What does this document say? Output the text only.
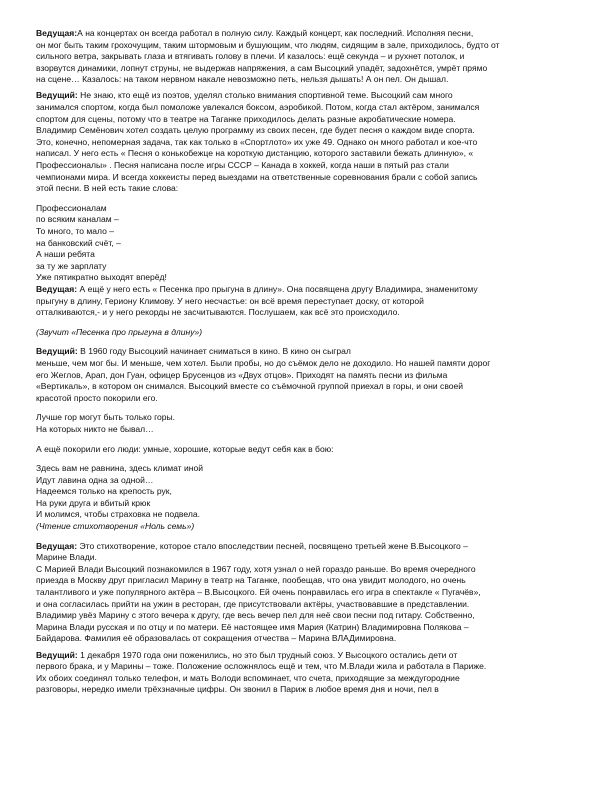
Ведущая:А на концертах он всегда работал в полную силу. Каждый концерт, как последний. Исполняя песни,
он мог быть таким грохочущим, таким штормовым и бушующим, что людям, сидящим в зале, приходилось, будто от
сильного ветра, закрывать глаза и втягивать голову в плечи. И казалось: ещё секунда – и рухнет потолок, и
взорвутся динамики, лопнут струны, не выдержав напряжения, а сам Высоцкий упадёт, задохнётся, умрёт прямо
на сцене… Казалось: на таком нервном накале невозможно петь, нельзя дышать! А он пел. Он дышал.

Ведущий: Не знаю, кто ещё из поэтов, уделял столько внимания спортивной теме. Высоцкий сам много
занимался спортом, когда был помоложе увлекался боксом, аэробикой. Потом, когда стал актёром, занимался
спортом для сцены, потому что в театре на Таганке приходилось делать разные акробатические номера.
Владимир Семёнович хотел создать целую программу из своих песен, где будет песня о каждом виде спорта.
Это, конечно, непомерная задача, так как только в «Спортлото» их уже 49. Однако он много работал и кое-что
написал. У него есть « Песня о конькобежце на короткую дистанцию, которого заставили бежать длинную», «
Профессионалы» . Песня написана после игры СССР – Канада в хоккей, когда наши в пятый раз стали
чемпионами мира. И всегда хоккеисты перед выездами на ответственные соревнования брали с собой запись
этой песни. В ней есть такие слова:

Профессионалам
по всяким каналам –
То много, то мало –
на банковский счёт, –
А наши ребята
за ту же зарплату
Уже пятикратно выходят вперёд!

Ведущая: А ещё у него есть « Песенка про прыгуна в длину». Она посвящена другу Владимира, знаменитому
прыгуну в длину, Гериону Климову. У него несчастье: он всё время переступает доску, от которой
отталкиваются,- и у него рекорды не засчитываются. Послушаем, как всё это происходило.

(Звучит «Песенка про прыгуна в длину»)

Ведущий: В 1960 году Высоцкий начинает сниматься в кино. В кино он сыграл
меньше, чем мог бы. И меньше, чем хотел. Были пробы, но до съёмок дело не доходило. Но нашей памяти дорог
его Жеглов, Арап, дон Гуан, офицер Брусенцов из «Двух отцов». Приходят на память песни из фильма
«Вертикаль», в котором он снимался. Высоцкий вместе со съёмочной группой приехал в горы, и они своей
красотой просто покорили его.

Лучше гор могут быть только горы.
На которых никто не бывал…

А ещё покорили его люди: умные, хорошие, которые ведут себя как в бою:

Здесь вам не равнина, здесь климат иной
Идут лавина одна за одной…
Надеемся только на крепость рук,
На руки друга и вбитый крюк
И молимся, чтобы страховка не подвела.

(Чтение стихотворения «Ноль семь»)

Ведущая: Это стихотворение, которое стало впоследствии песней, посвящено третьей жене В.Высоцкого –
Марине Влади.
С Марией Влади Высоцкий познакомился в 1967 году, хотя узнал о ней гораздо раньше. Во время очередного
приезда в Москву друг пригласил Марину в театр на Таганке, пообещав, что она увидит молодого, но очень
талантливого и уже популярного актёра – В.Высоцкого. Ей очень понравилась его игра в спектакле « Пугачёв»,
и она согласилась прийти на ужин в ресторан, где присутствовали актёры, участвовавшие в представлении.
Владимир увёз Марину с этого вечера к другу, где весь вечер пел для неё свои песни под гитару. Собственно,
Марина Влади русская и по отцу и по матери. Её настоящее имя Мария (Катрин) Владимировна Полякова –
Байдарова. Фамилия её образовалась от сокращения отчества – Марина ВЛАДимировна.

Ведущий: 1 декабря 1970 года они поженились, но это был трудный союз. У Высоцкого остались дети от
первого брака, и у Марины – тоже. Положение осложнялось ещё и тем, что М.Влади жила и работала в Париже.
Их обоих соединял только телефон, и мать Володи вспоминает, что счета, приходящие за междугородние
разговоры, нередко имели трёхзначные цифры. Он звонил в Париж в любое время дня и ночи, пел в
